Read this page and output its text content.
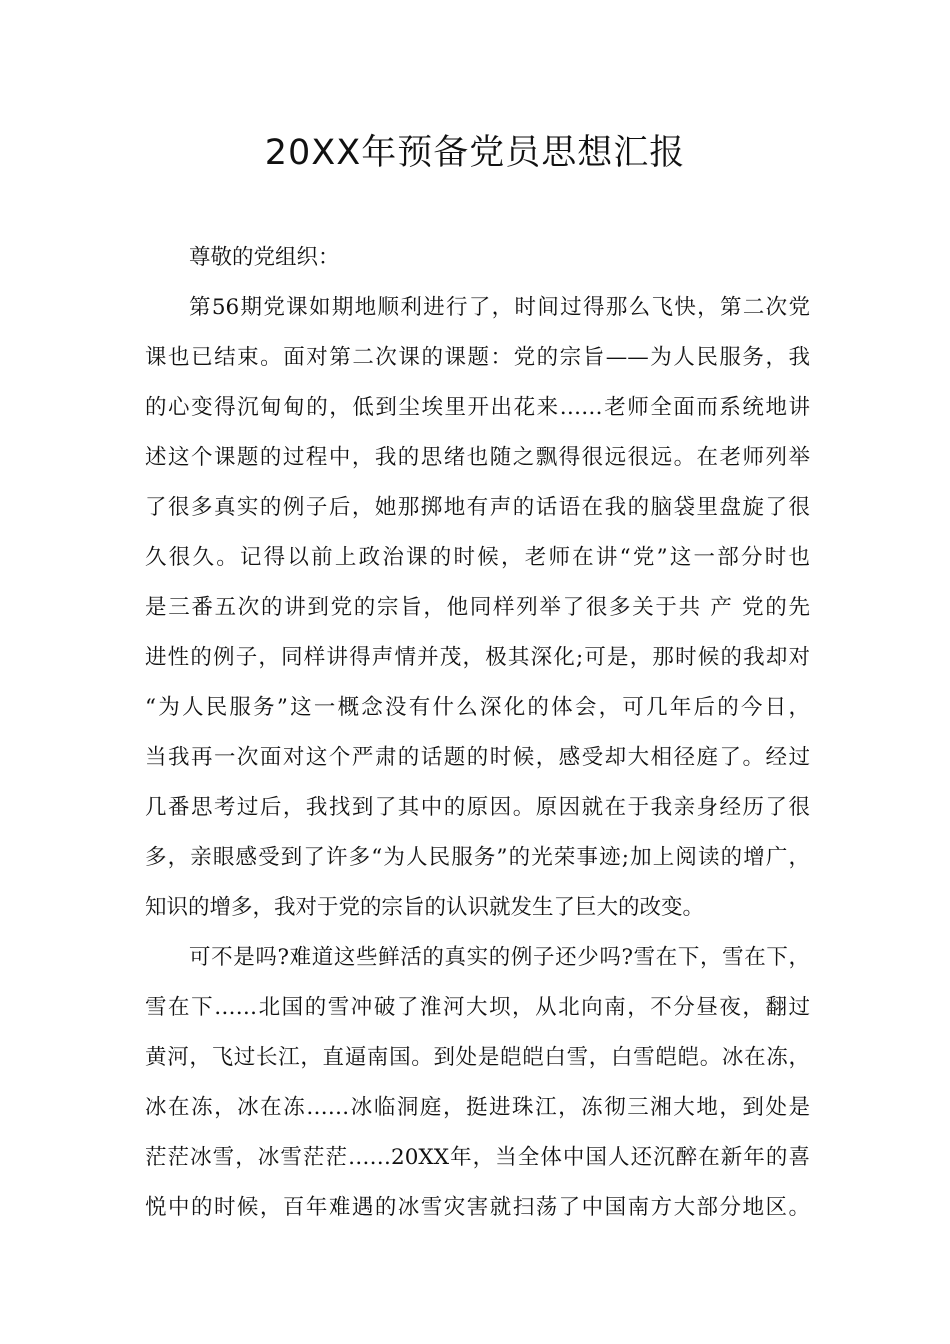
20XX年预备党员思想汇报
尊敬的党组织：
第56期党课如期地顺利进行了，时间过得那么飞快，第二次党
课也已结束。面对第二次课的课题：党的宗旨——为人民服务，我
的心变得沉甸甸的，低到尘埃里开出花来……老师全面而系统地讲
述这个课题的过程中，我的思绪也随之飘得很远很远。在老师列举
了很多真实的例子后，她那掷地有声的话语在我的脑袋里盘旋了很
久很久。记得以前上政治课的时候，老师在讲“党”这一部分时也
是三番五次的讲到党的宗旨，他同样列举了很多关于共 产 党的先
进性的例子，同样讲得声情并茂，极其深化;可是，那时候的我却对
“为人民服务”这一概念没有什么深化的体会，可几年后的今日，
当我再一次面对这个严肃的话题的时候，感受却大相径庭了。经过
几番思考过后，我找到了其中的原因。原因就在于我亲身经历了很
多，亲眼感受到了许多“为人民服务”的光荣事迹;加上阅读的增广，
知识的增多，我对于党的宗旨的认识就发生了巨大的改变。
可不是吗?难道这些鲜活的真实的例子还少吗?雪在下，雪在下，
雪在下……北国的雪冲破了淮河大坝，从北向南，不分昼夜，翻过
黄河，飞过长江，直逼南国。到处是皑皑白雪，白雪皑皑。冰在冻，
冰在冻，冰在冻……冰临洞庭，挺进珠江，冻彻三湘大地，到处是
茫茫冰雪，冰雪茫茫……20XX年，当全体中国人还沉醉在新年的喜
悦中的时候，百年难遇的冰雪灾害就扫荡了中国南方大部分地区。
